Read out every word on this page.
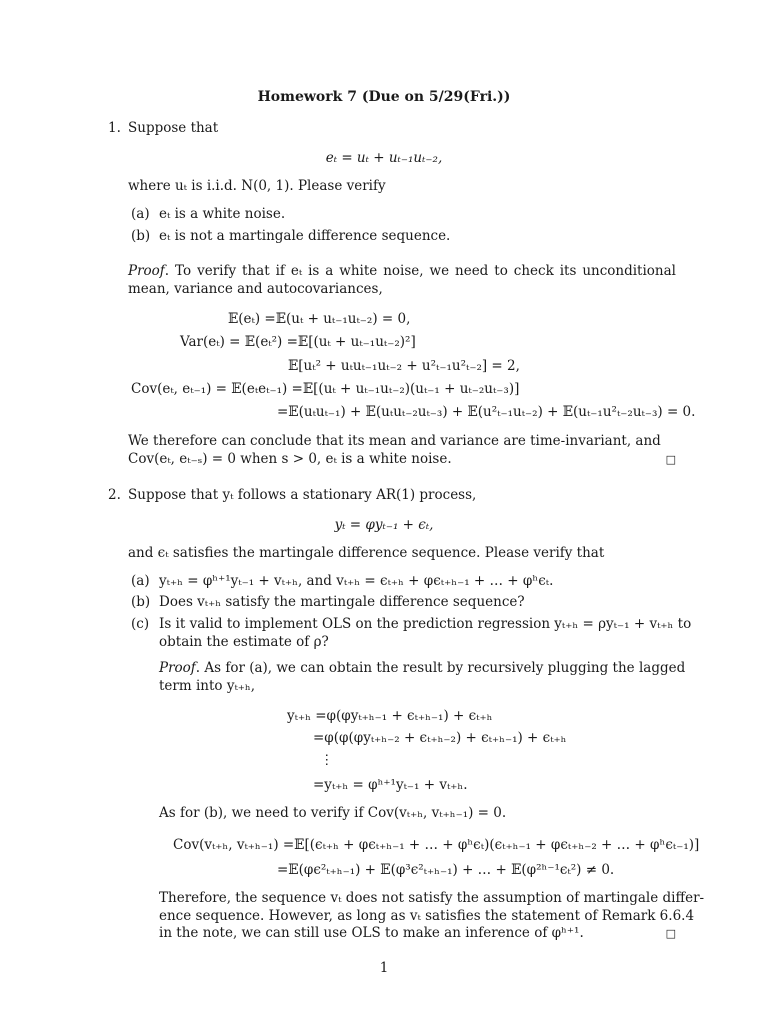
Homework 7 (Due on 5/29(Fri.))
1. Suppose that
eₜ = uₜ + uₜ₋₁uₜ₋₂,
where uₜ is i.i.d. N(0, 1). Please verify
(a) eₜ is a white noise.
(b) eₜ is not a martingale difference sequence.
Proof. To verify that if eₜ is a white noise, we need to check its unconditional mean, variance and autocovariances,
𝔼(eₜ) =𝔼(uₜ + uₜ₋₁uₜ₋₂) = 0,
Var(eₜ) = 𝔼(eₜ²) =𝔼[(uₜ + uₜ₋₁uₜ₋₂)²]
𝔼[uₜ² + uₜuₜ₋₁uₜ₋₂ + u²ₜ₋₁u²ₜ₋₂] = 2,
Cov(eₜ, eₜ₋₁) = 𝔼(eₜeₜ₋₁) =𝔼[(uₜ + uₜ₋₁uₜ₋₂)(uₜ₋₁ + uₜ₋₂uₜ₋₃)]
=𝔼(uₜuₜ₋₁) + 𝔼(uₜuₜ₋₂uₜ₋₃) + 𝔼(u²ₜ₋₁uₜ₋₂) + 𝔼(uₜ₋₁u²ₜ₋₂uₜ₋₃) = 0.
We therefore can conclude that its mean and variance are time-invariant, and
Cov(eₜ, eₜ₋ₛ) = 0 when s > 0, eₜ is a white noise.	□
2. Suppose that yₜ follows a stationary AR(1) process,
yₜ = φyₜ₋₁ + ϵₜ,
and ϵₜ satisfies the martingale difference sequence. Please verify that
(a) yₜ₊ₕ = φʰ⁺¹yₜ₋₁ + vₜ₊ₕ, and vₜ₊ₕ = ϵₜ₊ₕ + φϵₜ₊ₕ₋₁ + … + φʰϵₜ.
(b) Does vₜ₊ₕ satisfy the martingale difference sequence?
(c) Is it valid to implement OLS on the prediction regression yₜ₊ₕ = ρyₜ₋₁ + vₜ₊ₕ to
obtain the estimate of ρ?
Proof. As for (a), we can obtain the result by recursively plugging the lagged
term into yₜ₊ₕ,
yₜ₊ₕ =φ(φyₜ₊ₕ₋₁ + ϵₜ₊ₕ₋₁) + ϵₜ₊ₕ
=φ(φ(φyₜ₊ₕ₋₂ + ϵₜ₊ₕ₋₂) + ϵₜ₊ₕ₋₁) + ϵₜ₊ₕ
⋮
=yₜ₊ₕ = φʰ⁺¹yₜ₋₁ + vₜ₊ₕ.
As for (b), we need to verify if Cov(vₜ₊ₕ, vₜ₊ₕ₋₁) = 0.
Cov(vₜ₊ₕ, vₜ₊ₕ₋₁) =𝔼[(ϵₜ₊ₕ + φϵₜ₊ₕ₋₁ + … + φʰϵₜ)(ϵₜ₊ₕ₋₁ + φϵₜ₊ₕ₋₂ + … + φʰϵₜ₋₁)]
=𝔼(φϵ²ₜ₊ₕ₋₁) + 𝔼(φ³ϵ²ₜ₊ₕ₋₁) + … + 𝔼(φ²ʰ⁻¹ϵₜ²) ≠ 0.
Therefore, the sequence vₜ does not satisfy the assumption of martingale differ-
ence sequence. However, as long as vₜ satisfies the statement of Remark 6.6.4
in the note, we can still use OLS to make an inference of φʰ⁺¹.	□
1
